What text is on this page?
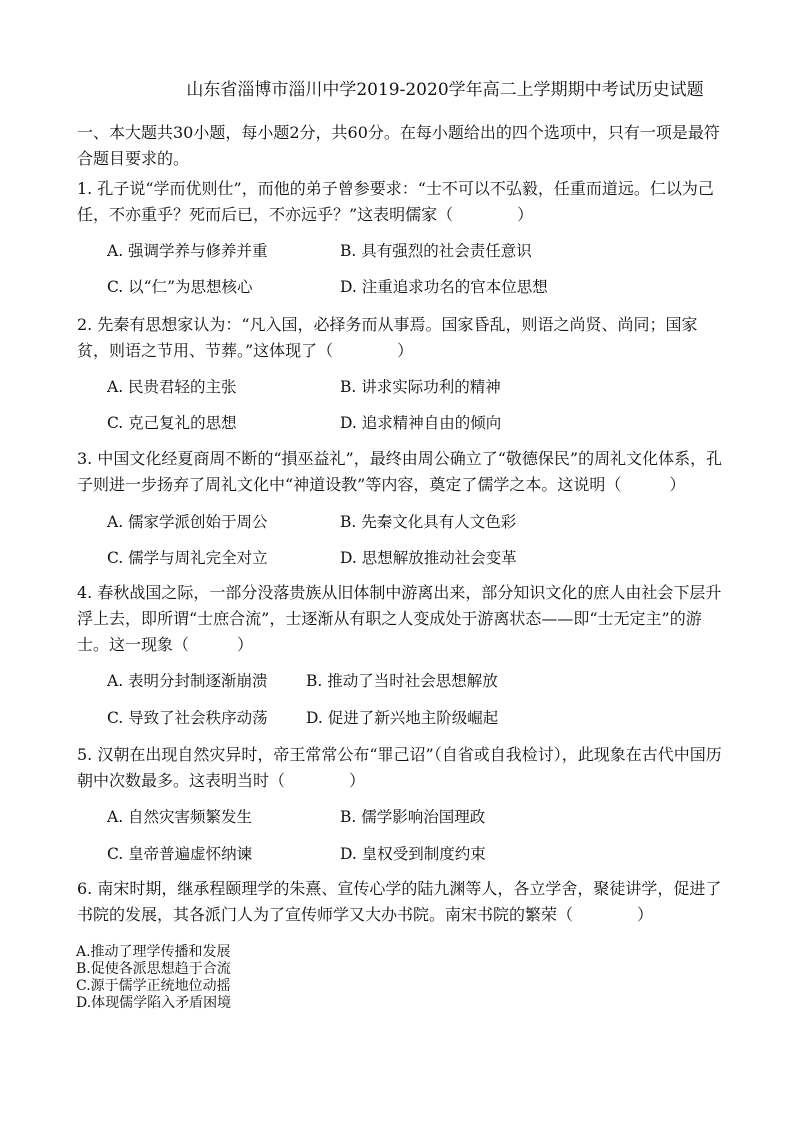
山东省淄博市淄川中学2019-2020学年高二上学期期中考试历史试题
一、本大题共30小题，每小题2分，共60分。在每小题给出的四个选项中，只有一项是最符合题目要求的。
1. 孔子说“学而优则仕”，而他的弟子曾参要求：“士不可以不弘毅，任重而道远。仁以为己任，不亦重乎？死而后已，不亦远乎？”这表明儒家（　　　　）
A. 强调学养与修养并重	B. 具有强烈的社会责任意识
C. 以“仁”为思想核心	D. 注重追求功名的官本位思想
2. 先秦有思想家认为：“凡入国，必择务而从事焉。国家昏乱，则语之尚贤、尚同；国家贫，则语之节用、节葬。”这体现了（　　　　）
A. 民贵君轻的主张	B. 讲求实际功利的精神
C. 克己复礼的思想	D. 追求精神自由的倾向
3. 中国文化经夏商周不断的“損巫益礼”，最终由周公确立了“敬德保民”的周礼文化体系，孔子则进一步扬弃了周礼文化中“神道设教”等内容，奠定了儒学之本。这说明（　　　）
A. 儒家学派创始于周公	B. 先秦文化具有人文色彩
C. 儒学与周礼完全对立	D. 思想解放推动社会变革
4. 春秋战国之际，一部分没落贵族从旧体制中游离出来，部分知识文化的庶人由社会下层升浮上去，即所谓“士庶合流”，士逐渐从有职之人变成处于游离状态——即“士无定主”的游士。这一现象（　　　）
A. 表明分封制逐渐崩溃 B. 推动了当时社会思想解放
C. 导致了社会秩序动荡 D. 促进了新兴地主阶级崛起
5. 汉朝在出现自然灾异时，帝王常常公布“罪己诏”（自省或自我检讨），此现象在古代中国历朝中次数最多。这表明当时（　　　　）
A. 自然灾害频繁发生	B. 儒学影响治国理政
C. 皇帝普遍虚怀纳谏	D. 皇权受到制度约束
6. 南宋时期，继承程颐理学的朱熹、宣传心学的陆九渊等人，各立学舍，聚徒讲学，促进了书院的发展，其各派门人为了宣传师学又大办书院。南宋书院的繁荣（　　　　）
A.推动了理学传播和发展
B.促使各派思想趋于合流
C.源于儒学正统地位动摇
D.体现儒学陷入矛盾困境
